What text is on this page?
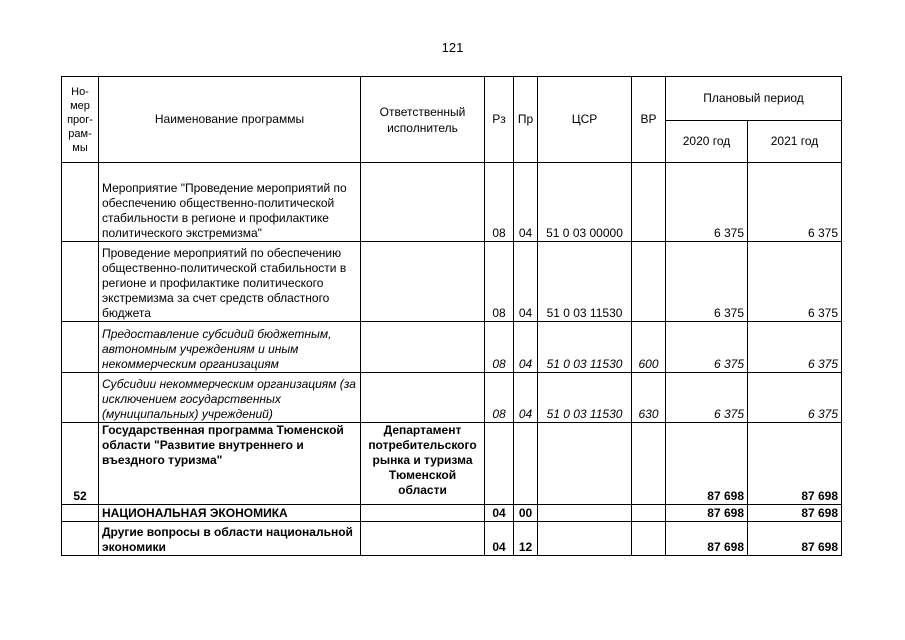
121
Но-
мер
прог-
рам-
мы	Наименование программы	Ответственный исполнитель	Рз	Пр	ЦСР	ВР	Плановый период	
							2020 год	2021 год
	Мероприятие "Проведение мероприятий по обеспечению общественно-политической стабильности в регионе и профилактике политического экстремизма"		08	04	51 0 03 00000		6 375	6 375
	Проведение мероприятий по обеспечению общественно-политической стабильности в регионе и профилактике политического экстремизма за счет средств областного бюджета		08	04	51 0 03 11530		6 375	6 375
	Предоставление субсидий бюджетным, автономным учреждениям и иным некоммерческим организациям		08	04	51 0 03 11530	600	6 375	6 375
	Субсидии некоммерческим организациям (за исключением государственных (муниципальных) учреждений)		08	04	51 0 03 11530	630	6 375	6 375
52	Государственная программа Тюменской области "Развитие внутреннего и въездного туризма"	Департамент потребительского рынка и туризма Тюменской области					87 698	87 698
	НАЦИОНАЛЬНАЯ ЭКОНОМИКА		04	00			87 698	87 698
	Другие вопросы в области национальной экономики		04	12			87 698	87 698
